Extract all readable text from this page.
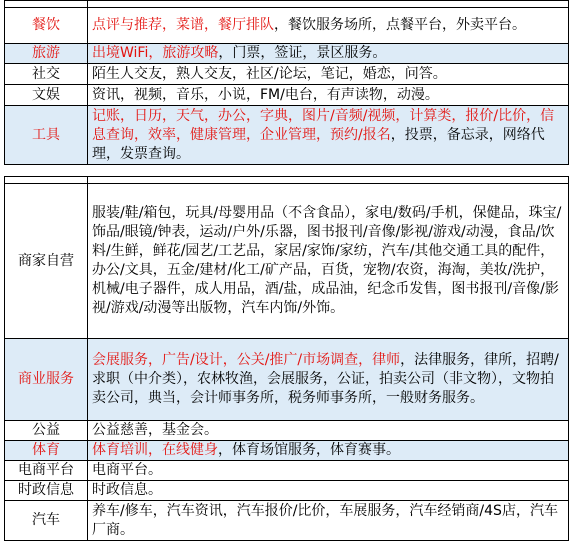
餐饮	点评与推荐，菜谱，餐厅排队，餐饮服务场所，点餐平台，外卖平台。
旅游	出境WiFi，旅游攻略，门票，签证，景区服务。
社交	陌生人交友，熟人交友，社区/论坛，笔记，婚恋，问答。
文娱	资讯，视频，音乐，小说，FM/电台，有声读物，动漫。
工具	记账，日历，天气，办公，字典，图片/音频/视频，计算类，报价/比价，信息查询，效率，健康管理，企业管理，预约/报名，投票，备忘录，网络代理，发票查询。

商家自营	服装/鞋/箱包，玩具/母婴用品（不含食品），家电/数码/手机，保健品，珠宝/饰品/眼镜/钟表，运动/户外/乐器，图书报刊/音像/影视/游戏/动漫，食品/饮料/生鲜，鲜花/园艺/工艺品，家居/家饰/家纺，汽车/其他交通工具的配件，办公/文具，五金/建材/化工/矿产品，百货，宠物/农资，海淘，美妆/洗护，机械/电子器件，成人用品，酒/盐，成品油，纪念币发售，图书报刊/音像/影视/游戏/动漫等出版物，汽车内饰/外饰。
商业服务	会展服务，广告/设计，公关/推广/市场调查，律师，法律服务，律所，招聘/求职（中介类），农林牧渔，会展服务，公证，拍卖公司（非文物），文物拍卖公司，典当，会计师事务所，税务师事务所，一般财务服务。
公益	公益慈善，基金会。
体育	体育培训，在线健身，体育场馆服务，体育赛事。
电商平台	电商平台。
时政信息	时政信息。
汽车	养车/修车，汽车资讯，汽车报价/比价，车展服务，汽车经销商/4S店，汽车厂商。
